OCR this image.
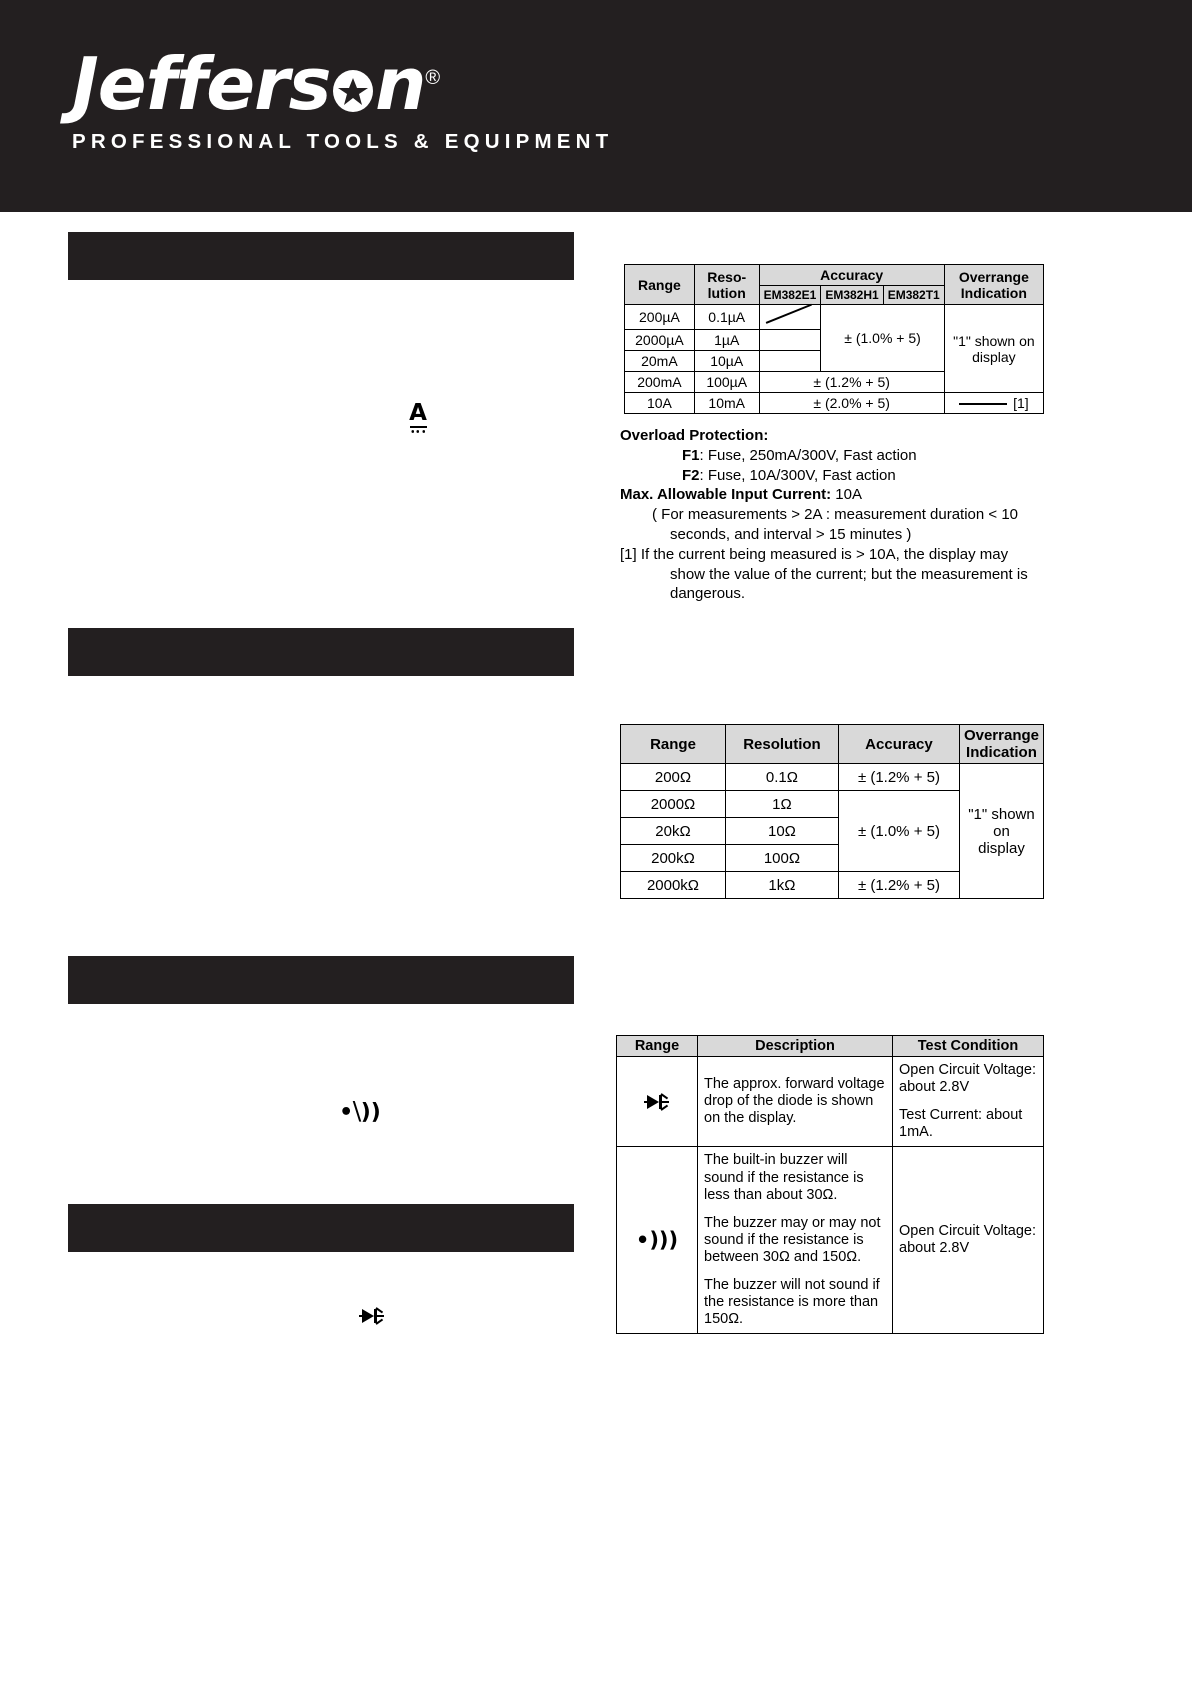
Jeffers n®
PROFESSIONAL TOOLS & EQUIPMENT
A
•⧹))
Range	Reso-
lution	Accuracy			Overrange
Indication
		EM382E1	EM382H1	EM382T1	
200µA	0.1µA		± (1.0% + 5)		"1" shown on
display
2000µA	1µA				
20mA	10µA				
200mA	100µA	± (1.2% + 5)			
10A	10mA	± (2.0% + 5)			[1]
Overload Protection:
F1: Fuse, 250mA/300V, Fast action
F2: Fuse, 10A/300V, Fast action
Max. Allowable Input Current: 10A
( For measurements > 2A : measurement duration < 10
seconds, and interval > 15 minutes )
[1] If the current being measured is > 10A, the display may
show the value of the current; but the measurement is
dangerous.
Range	Resolution	Accuracy	Overrange
Indication
200Ω	0.1Ω	± (1.2% + 5)	"1" shown on
display
2000Ω	1Ω	± (1.0% + 5)	
20kΩ	10Ω		
200kΩ	100Ω		
2000kΩ	1kΩ	± (1.2% + 5)	
Range	Description	Test Condition

	The approx. forward voltage drop of the diode is shown on the display.	Open Circuit Voltage: about 2.8V

Test Current: about 1mA.

•)))	The built-in buzzer will sound if the resistance is less than about 30Ω.

The buzzer may or may not sound if the resistance is between 30Ω and 150Ω.

The buzzer will not sound if the resistance is more than 150Ω.	Open Circuit Voltage: about 2.8V
